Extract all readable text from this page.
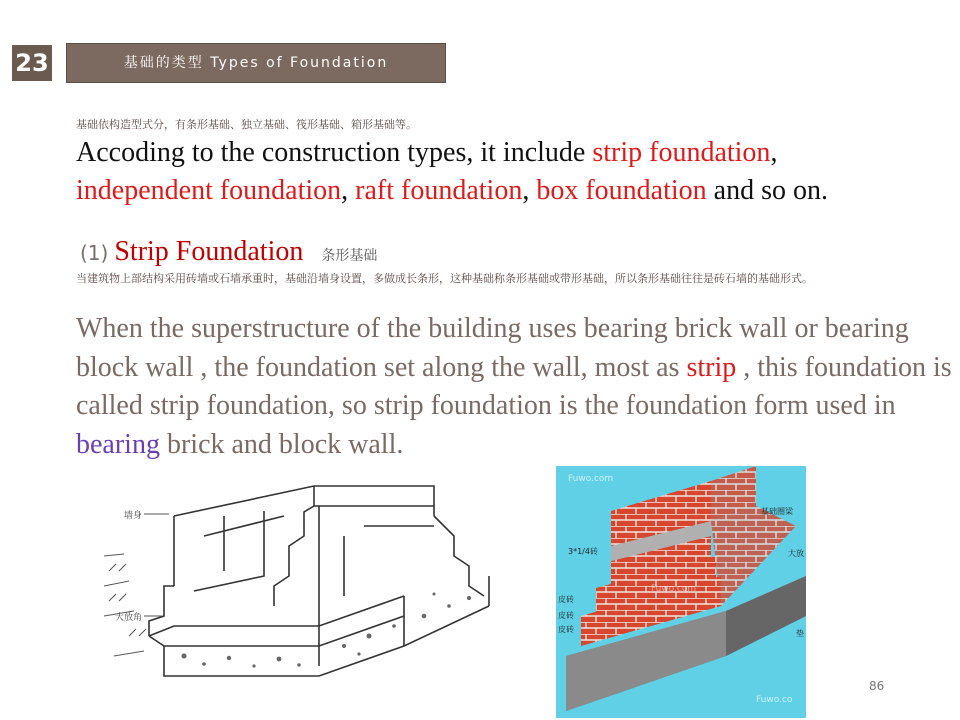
23	基础的类型 Types of Foundation
基础依构造型式分，有条形基础、独立基础、筏形基础、箱形基础等。
Accoding to the construction types, it include strip foundation,
independent foundation, raft foundation, box foundation and so on.
(1) Strip Foundation 条形基础
当建筑物上部结构采用砖墙或石墙承重时，基础沿墙身设置，多做成长条形，这种基础称条形基础或带形基础，所以条形基础往往是砖石墙的基础形式。
When the superstructure of the building uses bearing brick wall or bearing block wall , the foundation set along the wall, most as strip , this foundation is called strip foundation, so strip foundation is the foundation form used in bearing brick and block wall.
墙身
大放角
基础圈梁
3*1/4砖	大放
皮砖
皮砖
皮砖	垫
Fuwo.com
Fuwo.com
Fuwo.co
86
